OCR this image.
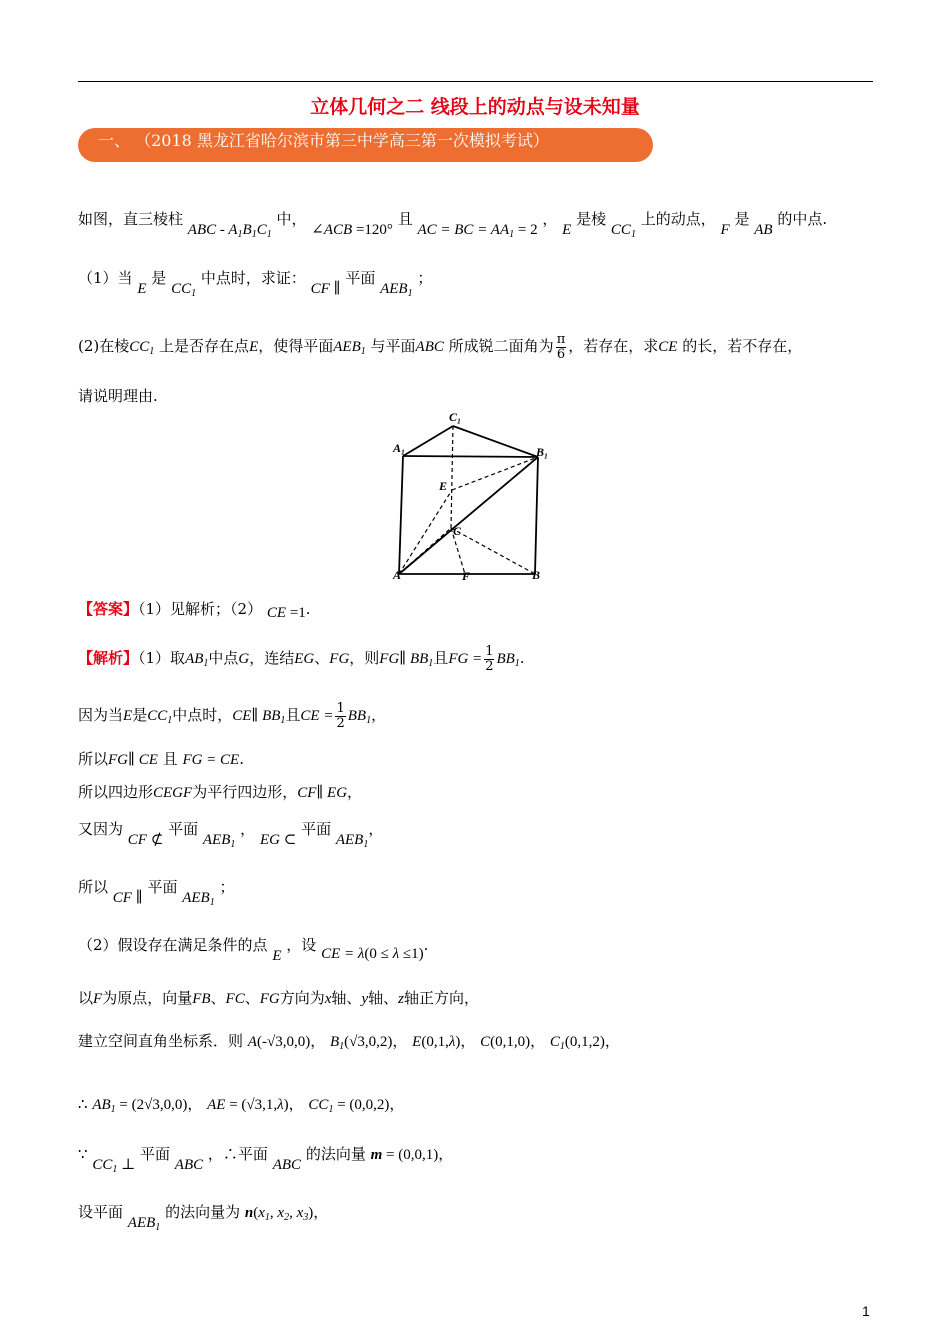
立体几何之二 线段上的动点与设未知量
一、 （2018 黑龙江省哈尔滨市第三中学高三第一次模拟考试）
如图，直三棱柱 ABC - $A_1B_1C_1$ 中， ∠ACB =120° 且 AC = BC = $AA_1 = 2$ ， E 是棱 $CC_1$ 上的动点， F 是 AB 的中点.
（1）当 E 是 $CC_1$ 中点时，求证： CF ∥ 平面 $AEB_1$ ；
(2)在棱$CC_1$ 上是否存在点E，使得平面$AEB_1$ 与平面ABC 所成锐二面角为 $\frac{\pi}{6}$ ，若存在，求CE 的长，若不存在，
请说明理由.
C₁
A₁	B₁
E
C
A	F	B
【答案】（1）见解析；（2） CE =1.
【解析】（1）取$AB_1$中点G，连结EG、FG，则FG∥ $BB_1$且FG = $\frac{1}{2} BB_1$.
因为当E是$CC_1$中点时，CE∥ $BB_1$且CE = $\frac{1}{2} BB_1$，
所以FG∥ CE 且 FG = CE.
所以四边形CEGF为平行四边形，CF∥ EG，
又因为 CF ⊄ 平面 $AEB_1$ ， EG ⊂ 平面 $AEB_1$，
所以 CF ∥ 平面 $AEB_1$ ；
（2）假设存在满足条件的点 E ，设 CE = λ(0 ≤ λ ≤1).
以F为原点，向量FB、FC、FG方向为x轴、y轴、z轴正方向，
建立空间直角坐标系．则 A(-√3,0,0)， $B_1(√3,0,2)$， E(0,1,λ)， C(0,1,0)， $C_1(0,1,2)$，
∴ $AB_1 = (2√3,0,0)$， AE = (√3,1,λ)， $CC_1 = (0,0,2)$，
∵ $CC_1$ ⊥ 平面 ABC ，∴平面 ABC 的法向量 m = (0,0,1)，
设平面 $AEB_1$ 的法向量为 $n(x_1$, $x_2$, $x_3$)，
1
